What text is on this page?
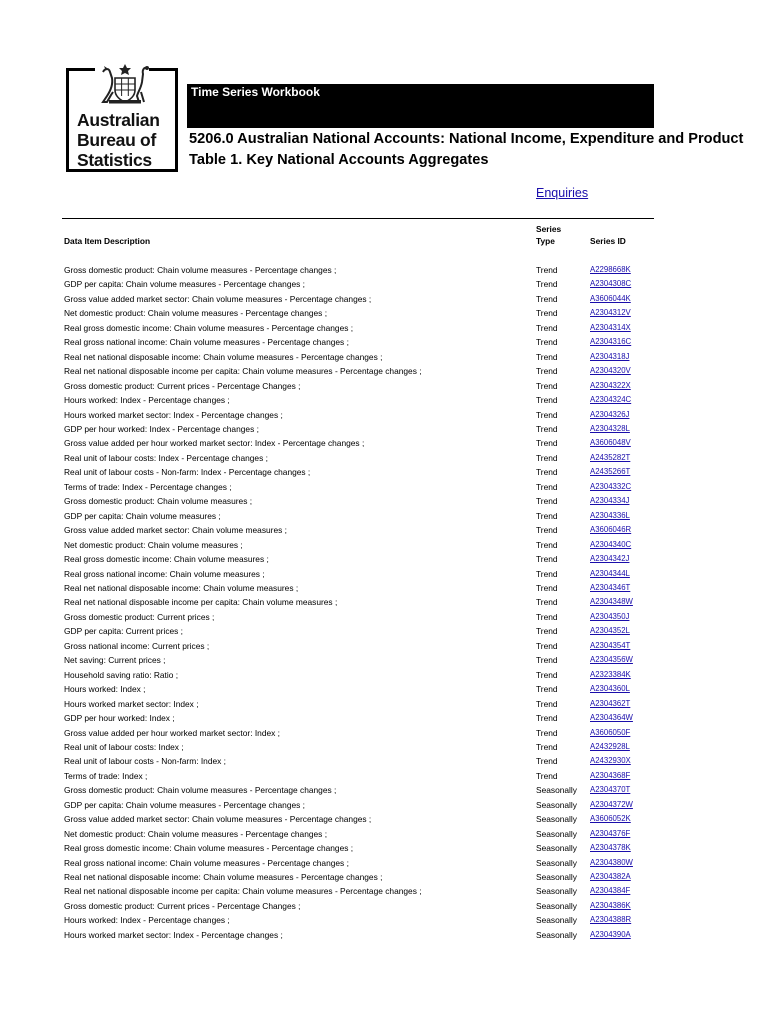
Australian
Bureau of
Statistics
Time Series Workbook
5206.0 Australian National Accounts: National Income, Expenditure and Product
Table 1. Key National Accounts Aggregates
Enquiries
Data Item Description
Series
Type	Series ID
Gross domestic product: Chain volume measures - Percentage changes ;	Trend	A2298668K
GDP per capita: Chain volume measures - Percentage changes ;	Trend	A2304308C
Gross value added market sector: Chain volume measures - Percentage changes ;	Trend	A3606044K
Net domestic product: Chain volume measures - Percentage changes ;	Trend	A2304312V
Real gross domestic income: Chain volume measures - Percentage changes ;	Trend	A2304314X
Real gross national income: Chain volume measures - Percentage changes ;	Trend	A2304316C
Real net national disposable income: Chain volume measures - Percentage changes ;	Trend	A2304318J
Real net national disposable income per capita: Chain volume measures - Percentage changes ;	Trend	A2304320V
Gross domestic product: Current prices - Percentage Changes ;	Trend	A2304322X
Hours worked: Index - Percentage changes ;	Trend	A2304324C
Hours worked market sector: Index - Percentage changes ;	Trend	A2304326J
GDP per hour worked: Index - Percentage changes ;	Trend	A2304328L
Gross value added per hour worked market sector: Index - Percentage changes ;	Trend	A3606048V
Real unit of labour costs: Index - Percentage changes ;	Trend	A2435282T
Real unit of labour costs - Non-farm: Index - Percentage changes ;	Trend	A2435266T
Terms of trade: Index - Percentage changes ;	Trend	A2304332C
Gross domestic product: Chain volume measures ;	Trend	A2304334J
GDP per capita: Chain volume measures ;	Trend	A2304336L
Gross value added market sector: Chain volume measures ;	Trend	A3606046R
Net domestic product: Chain volume measures ;	Trend	A2304340C
Real gross domestic income: Chain volume measures ;	Trend	A2304342J
Real gross national income: Chain volume measures ;	Trend	A2304344L
Real net national disposable income: Chain volume measures ;	Trend	A2304346T
Real net national disposable income per capita: Chain volume measures ;	Trend	A2304348W
Gross domestic product: Current prices ;	Trend	A2304350J
GDP per capita: Current prices ;	Trend	A2304352L
Gross national income: Current prices ;	Trend	A2304354T
Net saving: Current prices ;	Trend	A2304356W
Household saving ratio: Ratio ;	Trend	A2323384K
Hours worked: Index ;	Trend	A2304360L
Hours worked market sector: Index ;	Trend	A2304362T
GDP per hour worked: Index ;	Trend	A2304364W
Gross value added per hour worked market sector: Index ;	Trend	A3606050F
Real unit of labour costs: Index ;	Trend	A2432928L
Real unit of labour costs - Non-farm: Index ;	Trend	A2432930X
Terms of trade: Index ;	Trend	A2304368F
Gross domestic product: Chain volume measures - Percentage changes ;	Seasonally A2304370T
GDP per capita: Chain volume measures - Percentage changes ;	Seasonally A2304372W
Gross value added market sector: Chain volume measures - Percentage changes ;	Seasonally A3606052K
Net domestic product: Chain volume measures - Percentage changes ;	Seasonally A2304376F
Real gross domestic income: Chain volume measures - Percentage changes ;	Seasonally A2304378K
Real gross national income: Chain volume measures - Percentage changes ;	Seasonally A2304380W
Real net national disposable income: Chain volume measures - Percentage changes ;	Seasonally A2304382A
Real net national disposable income per capita: Chain volume measures - Percentage changes ;	Seasonally A2304384F
Gross domestic product: Current prices - Percentage Changes ;	Seasonally A2304386K
Hours worked: Index - Percentage changes ;	Seasonally A2304388R
Hours worked market sector: Index - Percentage changes ;	Seasonally A2304390A
